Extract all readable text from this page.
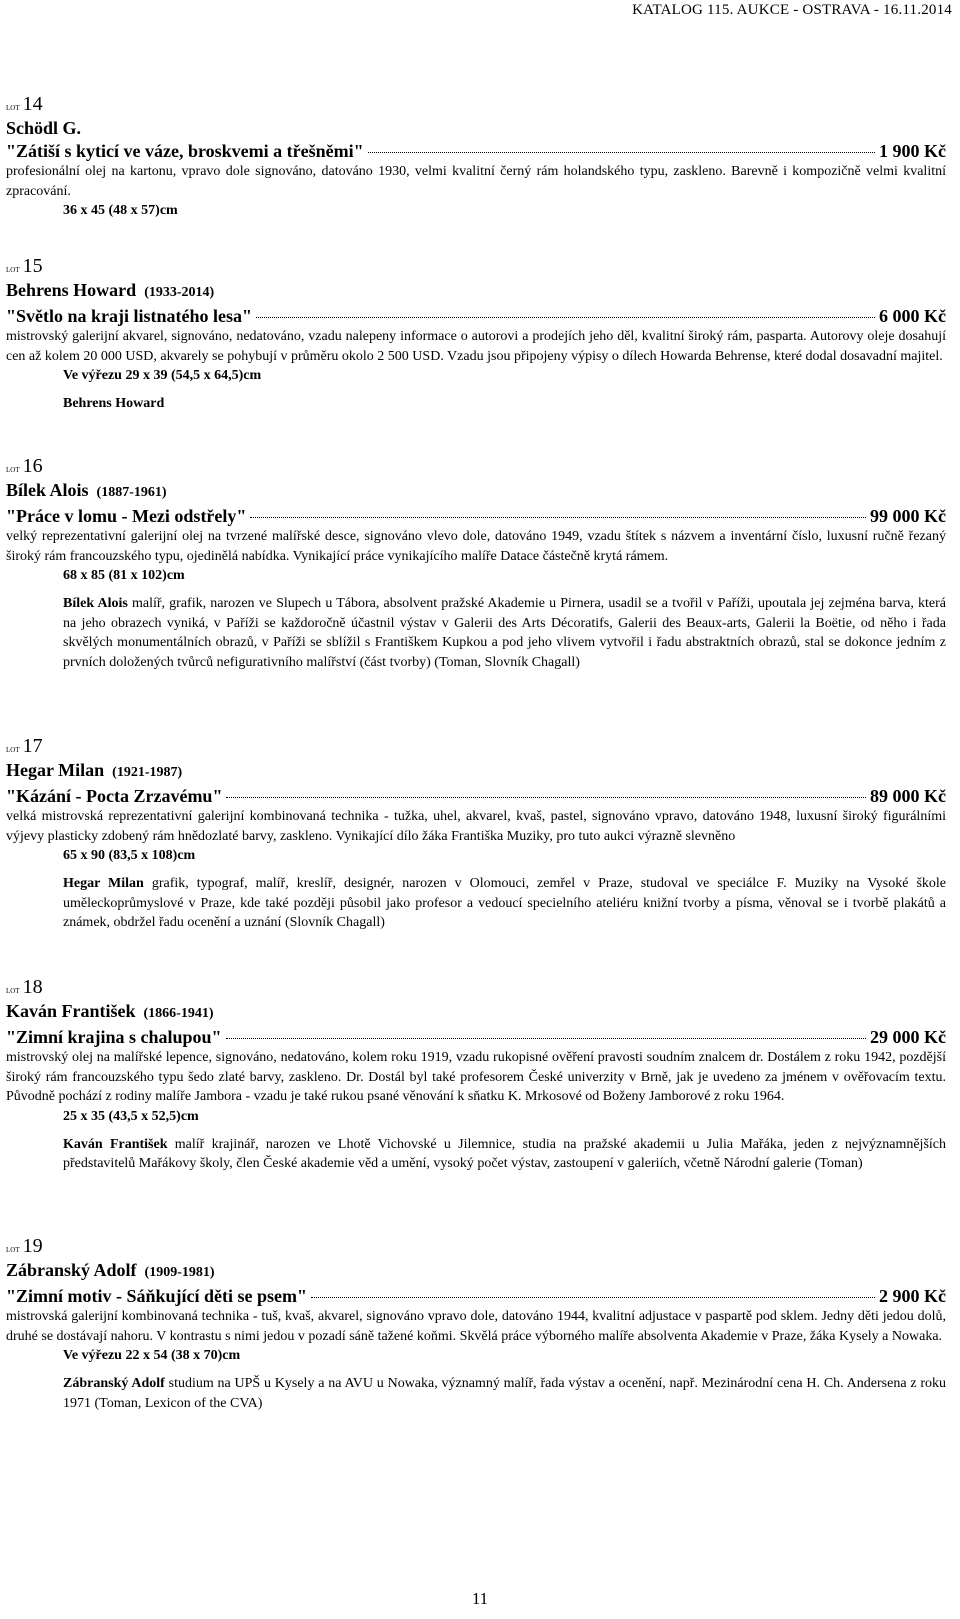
KATALOG 115. AUKCE - OSTRAVA - 16.11.2014
LOT 14
Schödl G.
"Zátiší s kyticí ve váze, broskvemi a třešněmi"	1 900 Kč
profesionální olej na kartonu, vpravo dole signováno, datováno 1930, velmi kvalitní černý rám holandského typu, zaskleno. Barevně i kompozičně velmi kvalitní zpracování.
36 x 45 (48 x 57)cm
LOT 15
Behrens Howard (1933-2014)
"Světlo na kraji listnatého lesa"	6 000 Kč
mistrovský galerijní akvarel, signováno, nedatováno, vzadu nalepeny informace o autorovi a prodejích jeho děl, kvalitní široký rám, pasparta. Autorovy oleje dosahují cen až kolem 20 000 USD, akvarely se pohybují v průměru okolo 2 500 USD. Vzadu jsou připojeny výpisy o dílech Howarda Behrense, které dodal dosavadní majitel.
Ve výřezu 29 x 39 (54,5 x 64,5)cm
Behrens Howard
LOT 16
Bílek Alois (1887-1961)
"Práce v lomu - Mezi odstřely"	99 000 Kč
velký reprezentativní galerijní olej na tvrzené malířské desce, signováno vlevo dole, datováno 1949, vzadu štítek s názvem a inventární číslo, luxusní ručně řezaný široký rám francouzského typu, ojedinělá nabídka. Vynikající práce vynikajícího malíře Datace částečně krytá rámem.
68 x 85 (81 x 102)cm
Bílek Alois malíř, grafik, narozen ve Slupech u Tábora, absolvent pražské Akademie u Pirnera, usadil se a tvořil v Paříži, upoutala jej zejména barva, která na jeho obrazech vyniká, v Paříži se každoročně účastnil výstav v Galerii des Arts Décoratifs, Galerii des Beaux-arts, Galerii la Boëtie, od něho i řada skvělých monumentálních obrazů, v Paříži se sblížil s Františkem Kupkou a pod jeho vlivem vytvořil i řadu abstraktních obrazů, stal se dokonce jedním z prvních doložených tvůrců nefigurativního malířství (část tvorby) (Toman, Slovník Chagall)
LOT 17
Hegar Milan (1921-1987)
"Kázání - Pocta Zrzavému"	89 000 Kč
velká mistrovská reprezentativní galerijní kombinovaná technika - tužka, uhel, akvarel, kvaš, pastel, signováno vpravo, datováno 1948, luxusní široký figurálními výjevy plasticky zdobený rám hnědozlaté barvy, zaskleno. Vynikající dílo žáka Františka Muziky, pro tuto aukci výrazně slevněno
65 x 90 (83,5 x 108)cm
Hegar Milan grafik, typograf, malíř, kreslíř, designér, narozen v Olomouci, zemřel v Praze, studoval ve speciálce F. Muziky na Vysoké škole uměleckoprůmyslové v Praze, kde také později působil jako profesor a vedoucí specielního ateliéru knižní tvorby a písma, věnoval se i tvorbě plakátů a známek, obdržel řadu ocenění a uznání (Slovník Chagall)
LOT 18
Kaván František (1866-1941)
"Zimní krajina s chalupou"	29 000 Kč
mistrovský olej na malířské lepence, signováno, nedatováno, kolem roku 1919, vzadu rukopisné ověření pravosti soudním znalcem dr. Dostálem z roku 1942, pozdější široký rám francouzského typu šedo zlaté barvy, zaskleno. Dr. Dostál byl také profesorem České univerzity v Brně, jak je uvedeno za jménem v ověřovacím textu. Původně pochází z rodiny malíře Jambora - vzadu je také rukou psané věnování k sňatku K. Mrkosové od Boženy Jamborové z roku 1964.
25 x 35 (43,5 x 52,5)cm
Kaván František malíř krajinář, narozen ve Lhotě Vichovské u Jilemnice, studia na pražské akademii u Julia Mařáka, jeden z nejvýznamnějších představitelů Mařákovy školy, člen České akademie věd a umění, vysoký počet výstav, zastoupení v galeriích, včetně Národní galerie (Toman)
LOT 19
Zábranský Adolf (1909-1981)
"Zimní motiv - Sáňkující děti se psem"	2 900 Kč
mistrovská galerijní kombinovaná technika - tuš, kvaš, akvarel, signováno vpravo dole, datováno 1944, kvalitní adjustace v paspartě pod sklem. Jedny děti jedou dolů, druhé se dostávají nahoru. V kontrastu s nimi jedou v pozadí sáně tažené koňmi. Skvělá práce výborného malíře absolventa Akademie v Praze, žáka Kysely a Nowaka.
Ve výřezu 22 x 54 (38 x 70)cm
Zábranský Adolf studium na UPŠ u Kysely a na AVU u Nowaka, významný malíř, řada výstav a ocenění, např. Mezinárodní cena H. Ch. Andersena z roku 1971 (Toman, Lexicon of the CVA)
11
